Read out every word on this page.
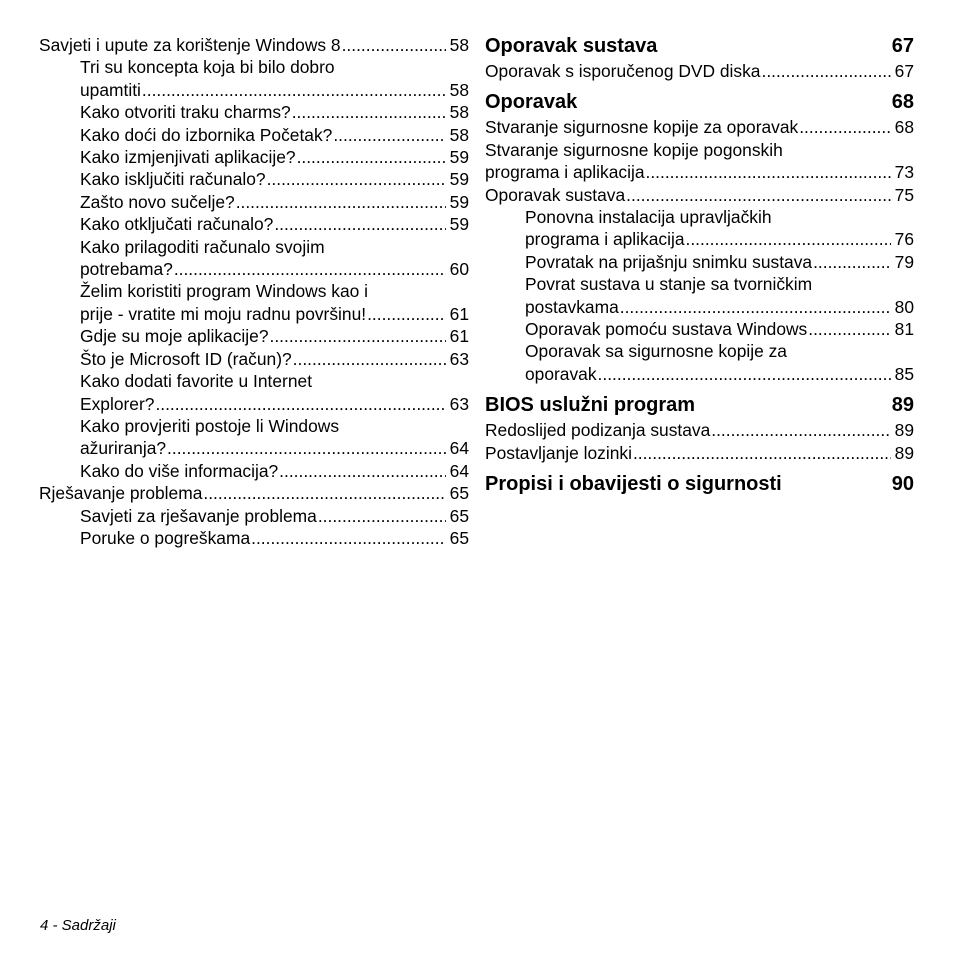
Savjeti i upute za korištenje Windows 8 .....	58
Tri su koncepta koja bi bilo dobro
upamtiti .....	58
Kako otvoriti traku charms? .....	58
Kako doći do izbornika Početak? .....	58
Kako izmjenjivati aplikacije? .....	59
Kako isključiti računalo? .....	59
Zašto novo sučelje? .....	59
Kako otključati računalo? .....	59
Kako prilagoditi računalo svojim
potrebama? .....	60
Želim koristiti program Windows kao i
prije - vratite mi moju radnu površinu! .....	61
Gdje su moje aplikacije? .....	61
Što je Microsoft ID (račun)? .....	63
Kako dodati favorite u Internet
Explorer? .....	63
Kako provjeriti postoje li Windows
ažuriranja? .....	64
Kako do više informacija? .....	64
Rješavanje problema .....	65
Savjeti za rješavanje problema .....	65
Poruke o pogreškama .....	65
Oporavak sustava	67
Oporavak s isporučenog DVD diska .....	67
Oporavak	68
Stvaranje sigurnosne kopije za oporavak .....	68
Stvaranje sigurnosne kopije pogonskih
programa i aplikacija .....	73
Oporavak sustava .....	75
Ponovna instalacija upravljačkih
programa i aplikacija .....	76
Povratak na prijašnju snimku sustava .....	79
Povrat sustava u stanje sa tvorničkim
postavkama .....	80
Oporavak pomoću sustava Windows .....	81
Oporavak sa sigurnosne kopije za
oporavak .....	85
BIOS uslužni program	89
Redoslijed podizanja sustava .....	89
Postavljanje lozinki .....	89
Propisi i obavijesti o sigurnosti	90
4 - Sadržaji
